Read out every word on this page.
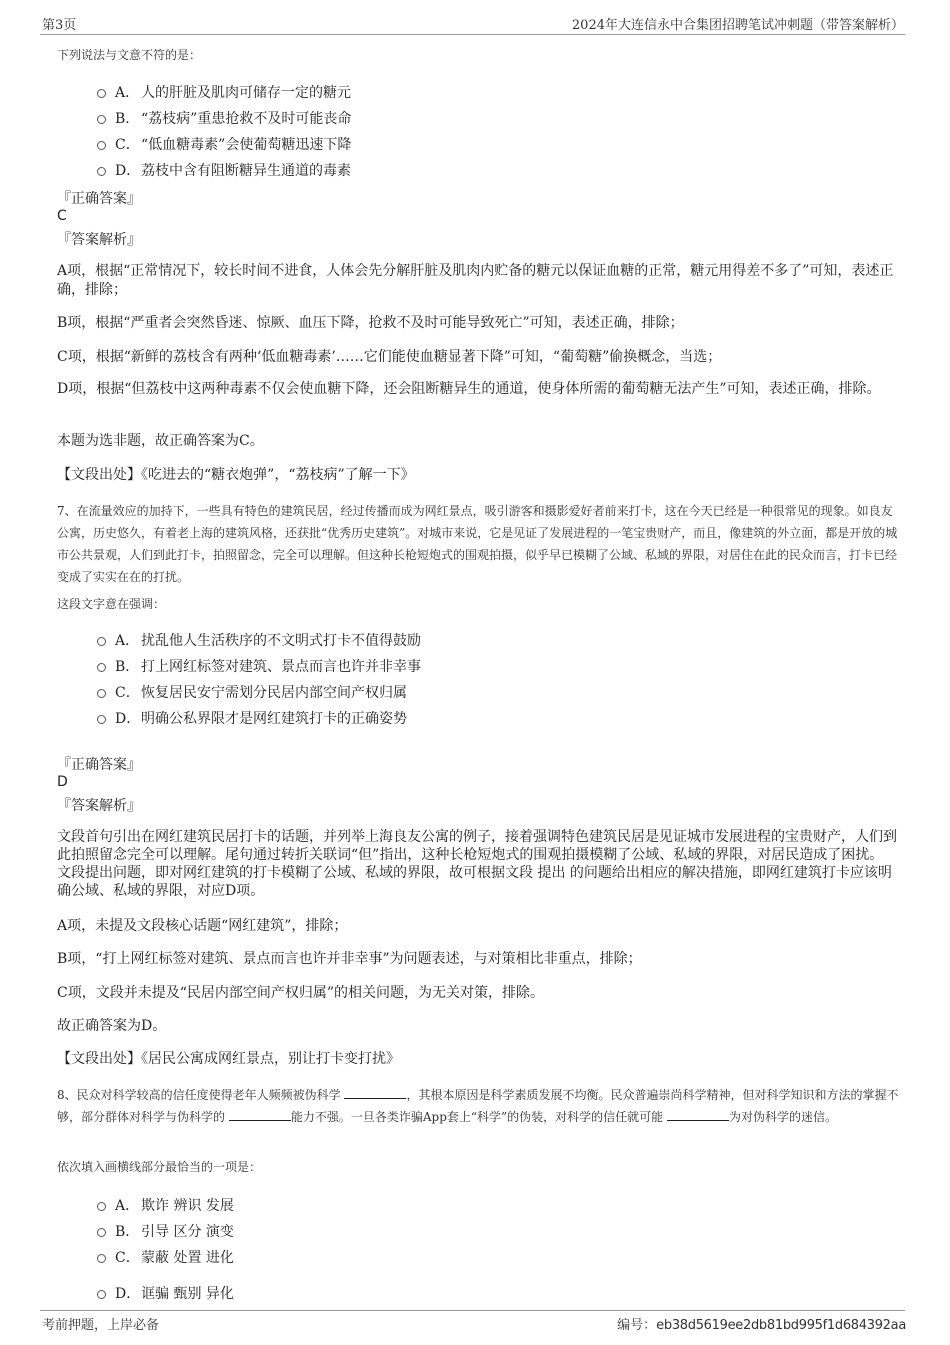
第3页	2024年大连信永中合集团招聘笔试冲刺题（带答案解析）
下列说法与文意不符的是：
A． 人的肝脏及肌肉可储存一定的糖元
B． “荔枝病”重患抢救不及时可能丧命
C．“低血糖毒素”会使葡萄糖迅速下降
D．荔枝中含有阻断糖异生通道的毒素
『正确答案』
C
『答案解析』
A项，根据“正常情况下，较长时间不进食，人体会先分解肝脏及肌肉内贮备的糖元以保证血糖的正常，糖元用得差不多了”可知，表述正确，排除；
B项，根据“严重者会突然昏迷、惊厥、血压下降，抢救不及时可能导致死亡”可知，表述正确，排除；
C项，根据“新鲜的荔枝含有两种‘低血糖毒素’……它们能使血糖显著下降”可知，“葡萄糖”偷换概念，当选；
D项，根据“但荔枝中这两种毒素不仅会使血糖下降，还会阻断糖异生的通道，使身体所需的葡萄糖无法产生”可知，表述正确，排除。
本题为选非题，故正确答案为C。
【文段出处】《吃进去的“糖衣炮弹”，“荔枝病”了解一下》
7、在流量效应的加持下，一些具有特色的建筑民居，经过传播而成为网红景点，吸引游客和摄影爱好者前来打卡，这在今天已经是一种很常见的现象。如良友公寓，历史悠久，有着老上海的建筑风格，还获批“优秀历史建筑”。对城市来说，它是见证了发展进程的一笔宝贵财产，而且，像建筑的外立面，都是开放的城市公共景观，人们到此打卡，拍照留念，完全可以理解。但这种长枪短炮式的围观拍摄，似乎早已模糊了公域、私域的界限，对居住在此的民众而言，打卡已经变成了实实在在的打扰。
这段文字意在强调：
A． 扰乱他人生活秩序的不文明式打卡不值得鼓励
B． 打上网红标签对建筑、景点而言也许并非幸事
C．恢复居民安宁需划分民居内部空间产权归属
D．明确公私界限才是网红建筑打卡的正确姿势
『正确答案』
D
『答案解析』
文段首句引出在网红建筑民居打卡的话题，并列举上海良友公寓的例子，接着强调特色建筑民居是见证城市发展进程的宝贵财产，人们到此拍照留念完全可以理解。尾句通过转折关联词“但”指出，这种长枪短炮式的围观拍摄模糊了公域、私域的界限，对居民造成了困扰。文段提出问题，即对网红建筑的打卡模糊了公域、私域的界限，故可根据文段 提出 的问题给出相应的解决措施，即网红建筑打卡应该明确公域、私域的界限，对应D项。
A项，未提及文段核心话题“网红建筑”，排除；
B项，“打上网红标签对建筑、景点而言也许并非幸事”为问题表述，与对策相比非重点，排除；
C项，文段并未提及“民居内部空间产权归属”的相关问题，为无关对策，排除。
故正确答案为D。
【文段出处】《居民公寓成网红景点，别让打卡变打扰》
8、民众对科学较高的信任度使得老年人频频被伪科学	，其根本原因是科学素质发展不均衡。民众普遍崇尚科学精神，但对科学知识和方法的掌握不够，部分群体对科学与伪科学的	能力不强。一旦各类诈骗App套上“科学”的伪装，对科学的信任就可能	为对伪科学的迷信。
依次填入画横线部分最恰当的一项是：
A． 欺诈 辨识 发展
B． 引导 区分 演变
C．蒙蔽 处置 进化
D．诓骗 甄别 异化
考前押题，上岸必备	编号：eb38d5619ee2db81bd995f1d684392aa
